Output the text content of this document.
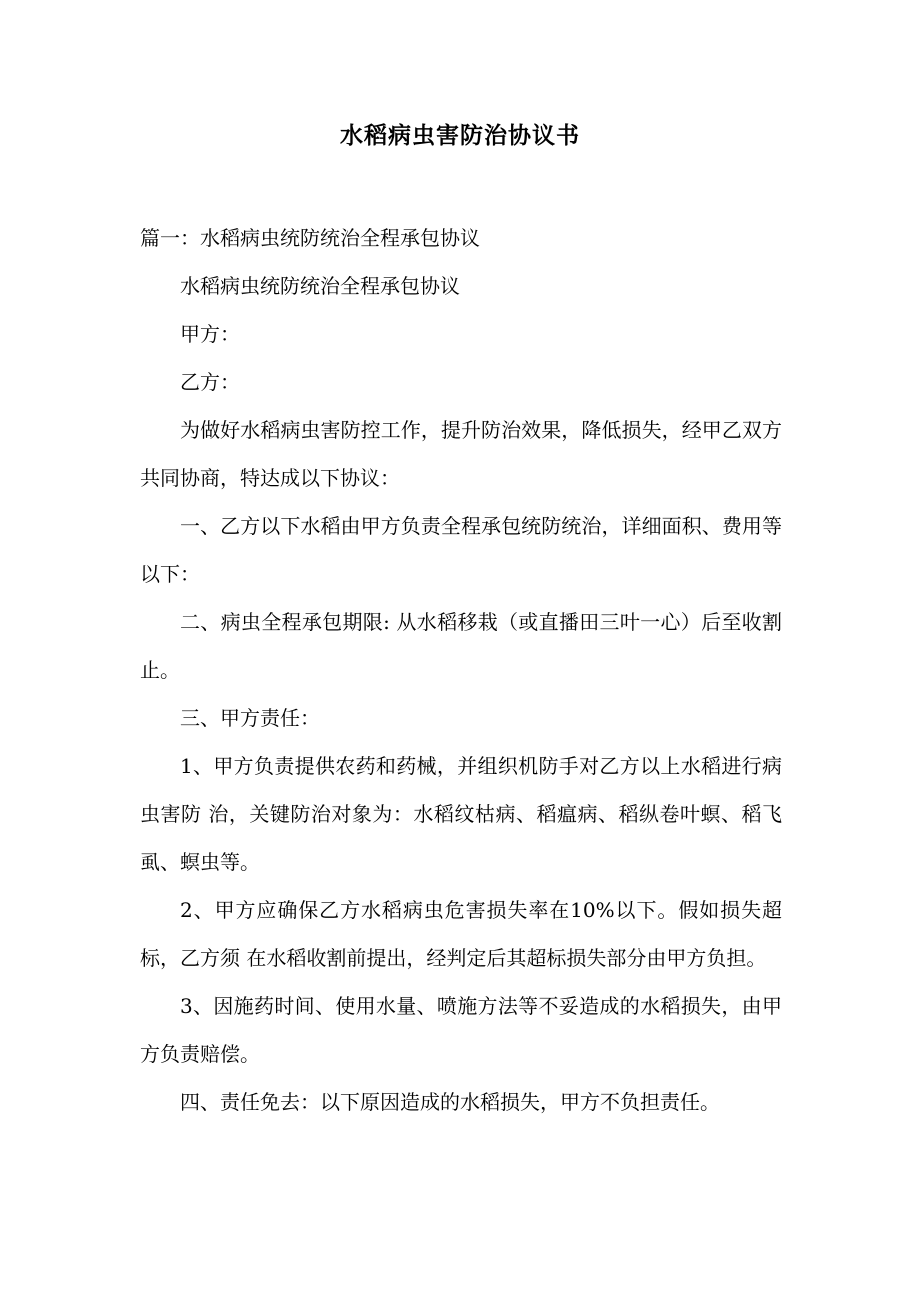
水稻病虫害防治协议书

篇一：水稻病虫统防统治全程承包协议

水稻病虫统防统治全程承包协议

甲方：

乙方：

为做好水稻病虫害防控工作，提升防治效果，降低损失，经甲乙双方共同协商，特达成以下协议：

一、乙方以下水稻由甲方负责全程承包统防统治，详细面积、费用等以下：

二、病虫全程承包期限: 从水稻移栽（或直播田三叶一心）后至收割止。

三、甲方责任：

1、甲方负责提供农药和药械，并组织机防手对乙方以上水稻进行病虫害防 治，关键防治对象为：水稻纹枯病、稻瘟病、稻纵卷叶螟、稻飞虱、螟虫等。

2、甲方应确保乙方水稻病虫危害损失率在10%以下。假如损失超标，乙方须 在水稻收割前提出，经判定后其超标损失部分由甲方负担。

3、因施药时间、使用水量、喷施方法等不妥造成的水稻损失，由甲方负责赔偿。

四、责任免去：以下原因造成的水稻损失，甲方不负担责任。
